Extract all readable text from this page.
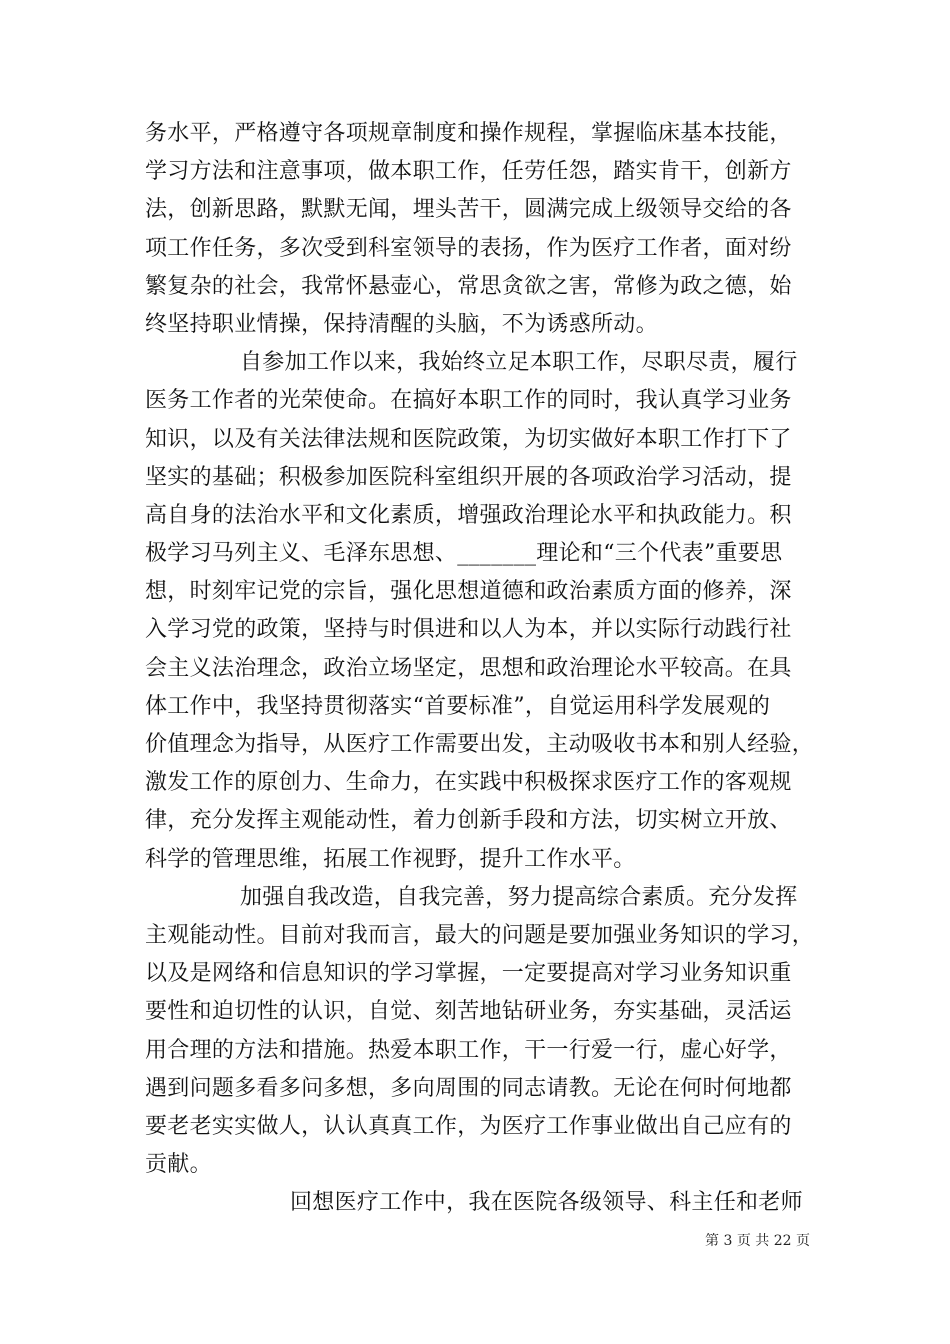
务水平，严格遵守各项规章制度和操作规程，掌握临床基本技能，
学习方法和注意事项，做本职工作，任劳任怨，踏实肯干，创新方
法，创新思路，默默无闻，埋头苦干，圆满完成上级领导交给的各
项工作任务，多次受到科室领导的表扬，作为医疗工作者，面对纷
繁复杂的社会，我常怀悬壶心，常思贪欲之害，常修为政之德，始
终坚持职业情操，保持清醒的头脑，不为诱惑所动。
自参加工作以来，我始终立足本职工作，尽职尽责，履行
医务工作者的光荣使命。在搞好本职工作的同时，我认真学习业务
知识，以及有关法律法规和医院政策，为切实做好本职工作打下了
坚实的基础；积极参加医院科室组织开展的各项政治学习活动，提
高自身的法治水平和文化素质，增强政治理论水平和执政能力。积
极学习马列主义、毛泽东思想、_______理论和“三个代表”重要思
想，时刻牢记党的宗旨，强化思想道德和政治素质方面的修养，深
入学习党的政策，坚持与时俱进和以人为本，并以实际行动践行社
会主义法治理念，政治立场坚定，思想和政治理论水平较高。在具
体工作中，我坚持贯彻落实“首要标准”，自觉运用科学发展观的
价值理念为指导，从医疗工作需要出发，主动吸收书本和别人经验，
激发工作的原创力、生命力，在实践中积极探求医疗工作的客观规
律，充分发挥主观能动性，着力创新手段和方法，切实树立开放、
科学的管理思维，拓展工作视野，提升工作水平。
加强自我改造，自我完善，努力提高综合素质。充分发挥
主观能动性。目前对我而言，最大的问题是要加强业务知识的学习，
以及是网络和信息知识的学习掌握，一定要提高对学习业务知识重
要性和迫切性的认识，自觉、刻苦地钻研业务，夯实基础，灵活运
用合理的方法和措施。热爱本职工作，干一行爱一行，虚心好学，
遇到问题多看多问多想，多向周围的同志请教。无论在何时何地都
要老老实实做人，认认真真工作，为医疗工作事业做出自己应有的
贡献。
回想医疗工作中，我在医院各级领导、科主任和老师
第 3 页 共 22 页
